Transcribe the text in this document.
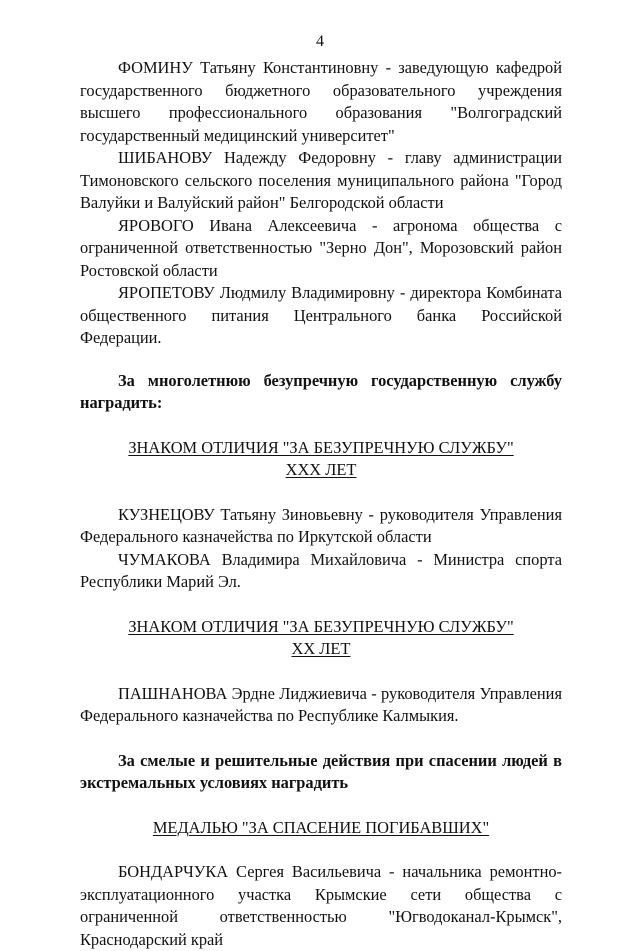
4

ФОМИНУ Татьяну Константиновну - заведующую кафедрой государственного бюджетного образовательного учреждения высшего профессионального образования "Волгоградский государственный медицинский университет"

ШИБАНОВУ Надежду Федоровну - главу администрации Тимоновского сельского поселения муниципального района "Город Валуйки и Валуйский район" Белгородской области

ЯРОВОГО Ивана Алексеевича - агронома общества с ограниченной ответственностью "Зерно Дон", Морозовский район Ростовской области

ЯРОПЕТОВУ Людмилу Владимировну - директора Комбината общественного питания Центрального банка Российской Федерации.

За многолетнюю безупречную государственную службу наградить:

ЗНАКОМ ОТЛИЧИЯ "ЗА БЕЗУПРЕЧНУЮ СЛУЖБУ"

XXX ЛЕТ

КУЗНЕЦОВУ Татьяну Зиновьевну - руководителя Управления Федерального казначейства по Иркутской области

ЧУМАКОВА Владимира Михайловича - Министра спорта Республики Марий Эл.

ЗНАКОМ ОТЛИЧИЯ "ЗА БЕЗУПРЕЧНУЮ СЛУЖБУ"

XX ЛЕТ

ПАШНАНОВА Эрдне Лиджиевича - руководителя Управления Федерального казначейства по Республике Калмыкия.

За смелые и решительные действия при спасении людей в экстремальных условиях наградить

МЕДАЛЬЮ "ЗА СПАСЕНИЕ ПОГИБАВШИХ"

БОНДАРЧУКА Сергея Васильевича - начальника ремонтно-эксплуатационного участка Крымские сети общества с ограниченной ответственностью "Югводоканал-Крымск", Краснодарский край
